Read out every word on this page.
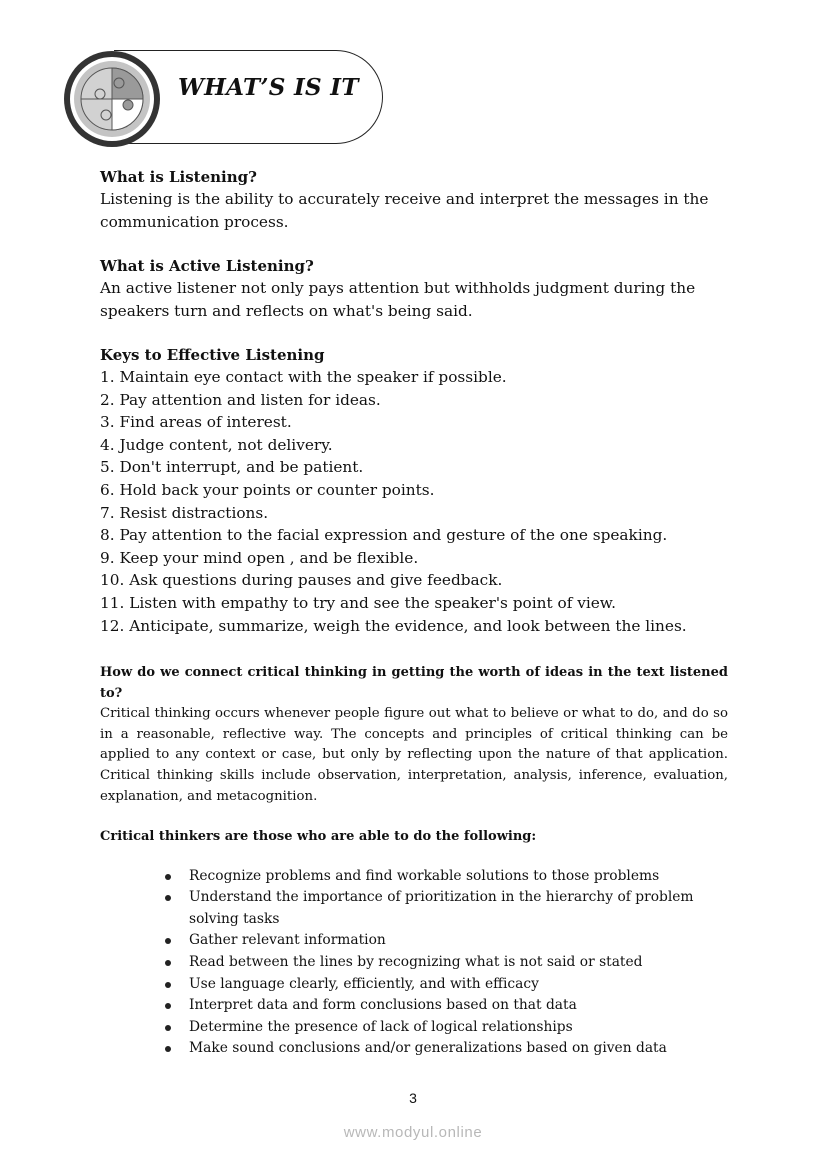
WHAT’S IS IT
What is Listening?

Listening is the ability to accurately receive and interpret the messages in the communication process.

What is Active Listening?

An active listener not only pays attention but withholds judgment during the speakers turn and reflects on what's being said.

Keys to Effective Listening
1. Maintain eye contact with the speaker if possible.
2. Pay attention and listen for ideas.
3. Find areas of interest.
4. Judge content, not delivery.
5. Don't interrupt, and be patient.
6. Hold back your points or counter points.
7. Resist distractions.
8. Pay attention to the facial expression and gesture of the one speaking.
9. Keep your mind open , and be flexible.
10. Ask questions during pauses and give feedback.
11. Listen with empathy to try and see the speaker's point of view.
12. Anticipate, summarize, weigh the evidence, and look between the lines.
How do we connect critical thinking in getting the worth of ideas in the text listened to?

Critical thinking occurs whenever people figure out what to believe or what to do, and do so in a reasonable, reflective way. The concepts and principles of critical thinking can be applied to any context or case, but only by reflecting upon the nature of that application. Critical thinking skills include observation, interpretation, analysis, inference, evaluation, explanation, and metacognition.

Critical thinkers are those who are able to do the following:
Recognize problems and find workable solutions to those problems
Understand the importance of prioritization in the hierarchy of problem solving tasks
Gather relevant information
Read between the lines by recognizing what is not said or stated
Use language clearly, efficiently, and with efficacy
Interpret data and form conclusions based on that data
Determine the presence of lack of logical relationships
Make sound conclusions and/or generalizations based on given data
3
www.modyul.online
